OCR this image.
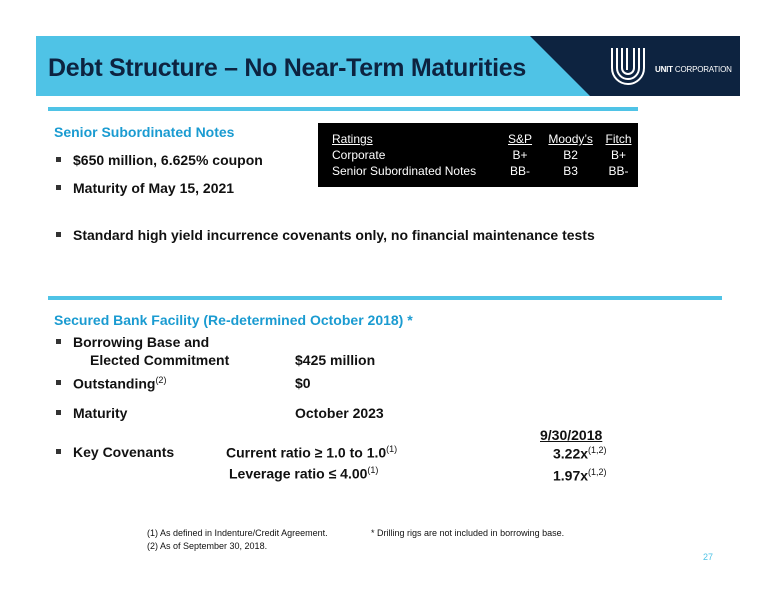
Debt Structure – No Near-Term Maturities	UNIT CORPORATION
Senior Subordinated Notes
$650 million, 6.625% coupon
Maturity of May 15, 2021
Standard high yield incurrence covenants only, no financial maintenance tests
Ratings	S&P	Moody’s	Fitch
Corporate	B+	B2	B+
Senior Subordinated Notes	BB-	B3	BB-
Secured Bank Facility (Re-determined October 2018) *
Borrowing Base and
Elected Commitment	$425 million
Outstanding$^{(2)}$	$0
Maturity	October 2023
9/30/2018
Key Covenants	Current ratio ≥ 1.0 to 1.0$^{(1)}$	$3.22x^{(1,2)}$
Leverage ratio ≤ $4.00^{(1)}$	$1.97x^{(1,2)}$
(1) As defined in Indenture/Credit Agreement.
(2) As of September 30, 2018.
* Drilling rigs are not included in borrowing base.
27
